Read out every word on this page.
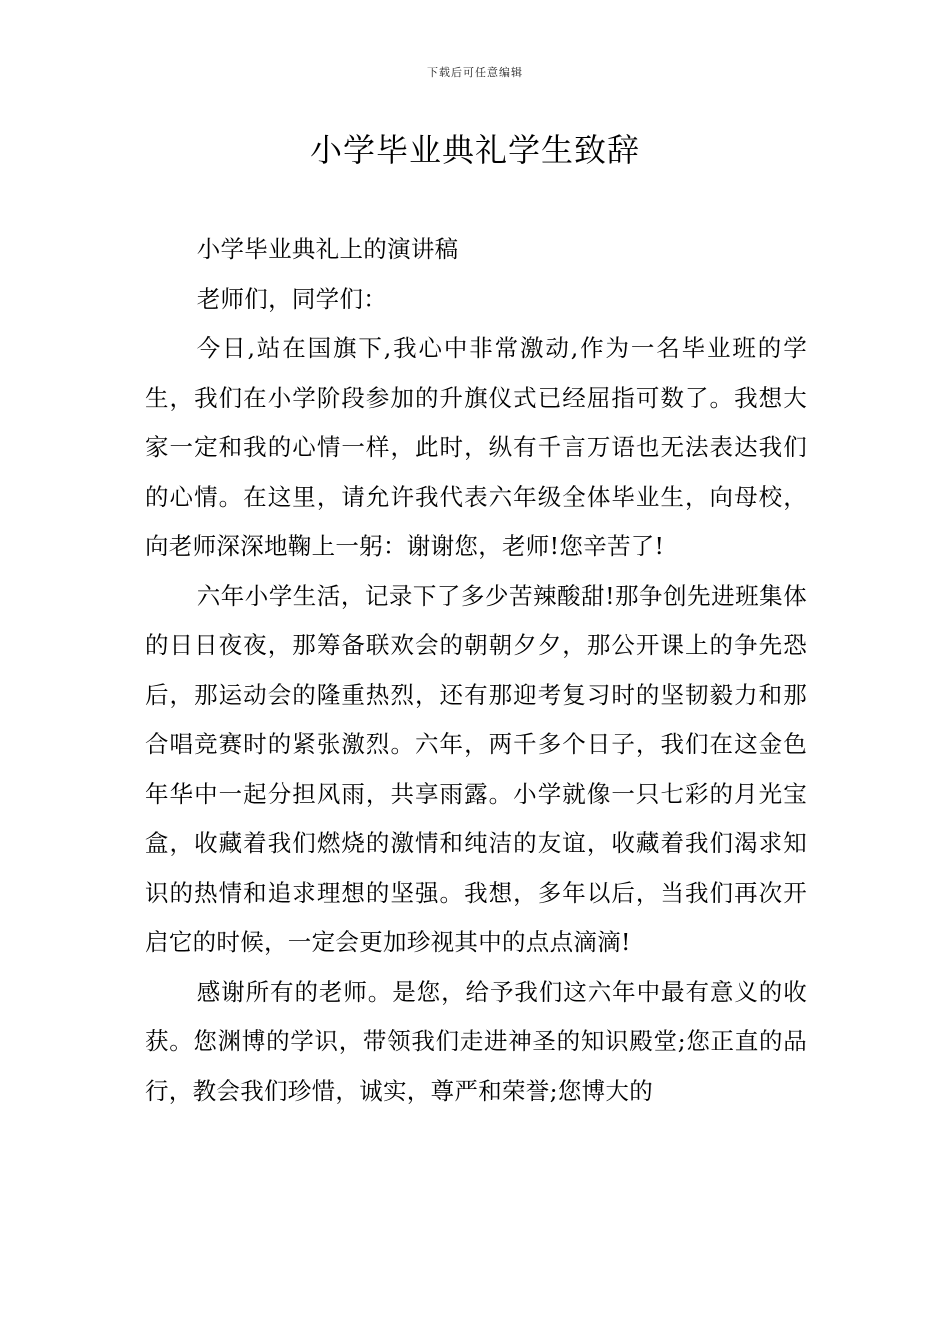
下载后可任意编辑
小学毕业典礼学生致辞

小学毕业典礼上的演讲稿

老师们，同学们：

今日,站在国旗下,我心中非常激动,作为一名毕业班的学生，我们在小学阶段参加的升旗仪式已经屈指可数了。我想大家一定和我的心情一样，此时，纵有千言万语也无法表达我们的心情。在这里，请允许我代表六年级全体毕业生，向母校，向老师深深地鞠上一躬：谢谢您，老师!您辛苦了!

六年小学生活，记录下了多少苦辣酸甜!那争创先进班集体的日日夜夜，那筹备联欢会的朝朝夕夕，那公开课上的争先恐后，那运动会的隆重热烈，还有那迎考复习时的坚韧毅力和那合唱竞赛时的紧张激烈。六年，两千多个日子，我们在这金色年华中一起分担风雨，共享雨露。小学就像一只七彩的月光宝盒，收藏着我们燃烧的激情和纯洁的友谊，收藏着我们渴求知识的热情和追求理想的坚强。我想，多年以后，当我们再次开启它的时候，一定会更加珍视其中的点点滴滴!

感谢所有的老师。是您，给予我们这六年中最有意义的收获。您渊博的学识，带领我们走进神圣的知识殿堂;您正直的品行，教会我们珍惜，诚实，尊严和荣誉;您博大的
